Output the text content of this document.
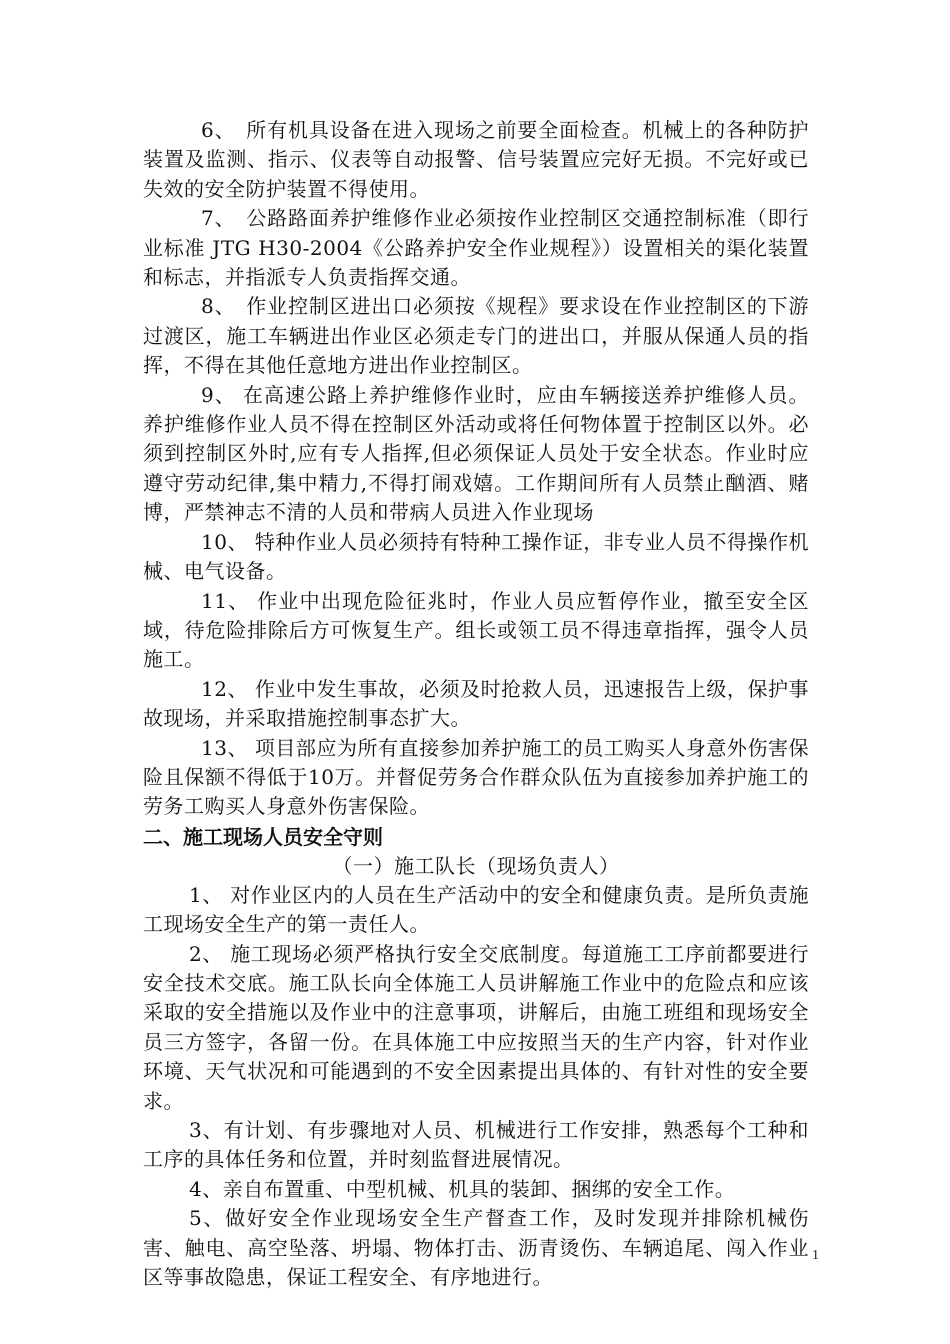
6、　所有机具设备在进入现场之前要全面检查。机械上的各种防护装置及监测、指示、仪表等自动报警、信号装置应完好无损。不完好或已失效的安全防护装置不得使用。

7、　公路路面养护维修作业必须按作业控制区交通控制标准（即行业标准 JTG H30-2004《公路养护安全作业规程》）设置相关的渠化装置和标志，并指派专人负责指挥交通。

8、　作业控制区进出口必须按《规程》要求设在作业控制区的下游过渡区，施工车辆进出作业区必须走专门的进出口，并服从保通人员的指挥，不得在其他任意地方进出作业控制区。

9、 在高速公路上养护维修作业时，应由车辆接送养护维修人员。养护维修作业人员不得在控制区外活动或将任何物体置于控制区以外。必须到控制区外时,应有专人指挥,但必须保证人员处于安全状态。作业时应遵守劳动纪律,集中精力,不得打闹戏嬉。工作期间所有人员禁止酗酒、赌博，严禁神志不清的人员和带病人员进入作业现场

10、 特种作业人员必须持有特种工操作证，非专业人员不得操作机械、电气设备。

11、 作业中出现危险征兆时，作业人员应暂停作业，撤至安全区域，待危险排除后方可恢复生产。组长或领工员不得违章指挥，强令人员施工。

12、 作业中发生事故，必须及时抢救人员，迅速报告上级，保护事故现场，并采取措施控制事态扩大。

13、 项目部应为所有直接参加养护施工的员工购买人身意外伤害保险且保额不得低于10万。并督促劳务合作群众队伍为直接参加养护施工的劳务工购买人身意外伤害保险。

二、施工现场人员安全守则

（一）施工队长（现场负责人）

1、 对作业区内的人员在生产活动中的安全和健康负责。是所负责施工现场安全生产的第一责任人。

2、 施工现场必须严格执行安全交底制度。每道施工工序前都要进行安全技术交底。施工队长向全体施工人员讲解施工作业中的危险点和应该采取的安全措施以及作业中的注意事项，讲解后，由施工班组和现场安全员三方签字，各留一份。在具体施工中应按照当天的生产内容，针对作业环境、天气状况和可能遇到的不安全因素提出具体的、有针对性的安全要求。

3、有计划、有步骤地对人员、机械进行工作安排，熟悉每个工种和工序的具体任务和位置，并时刻监督进展情况。

4、亲自布置重、中型机械、机具的装卸、捆绑的安全工作。

5、做好安全作业现场安全生产督查工作，及时发现并排除机械伤害、触电、高空坠落、坍塌、物体打击、沥青烫伤、车辆追尾、闯入作业区等事故隐患，保证工程安全、有序地进行。

1
